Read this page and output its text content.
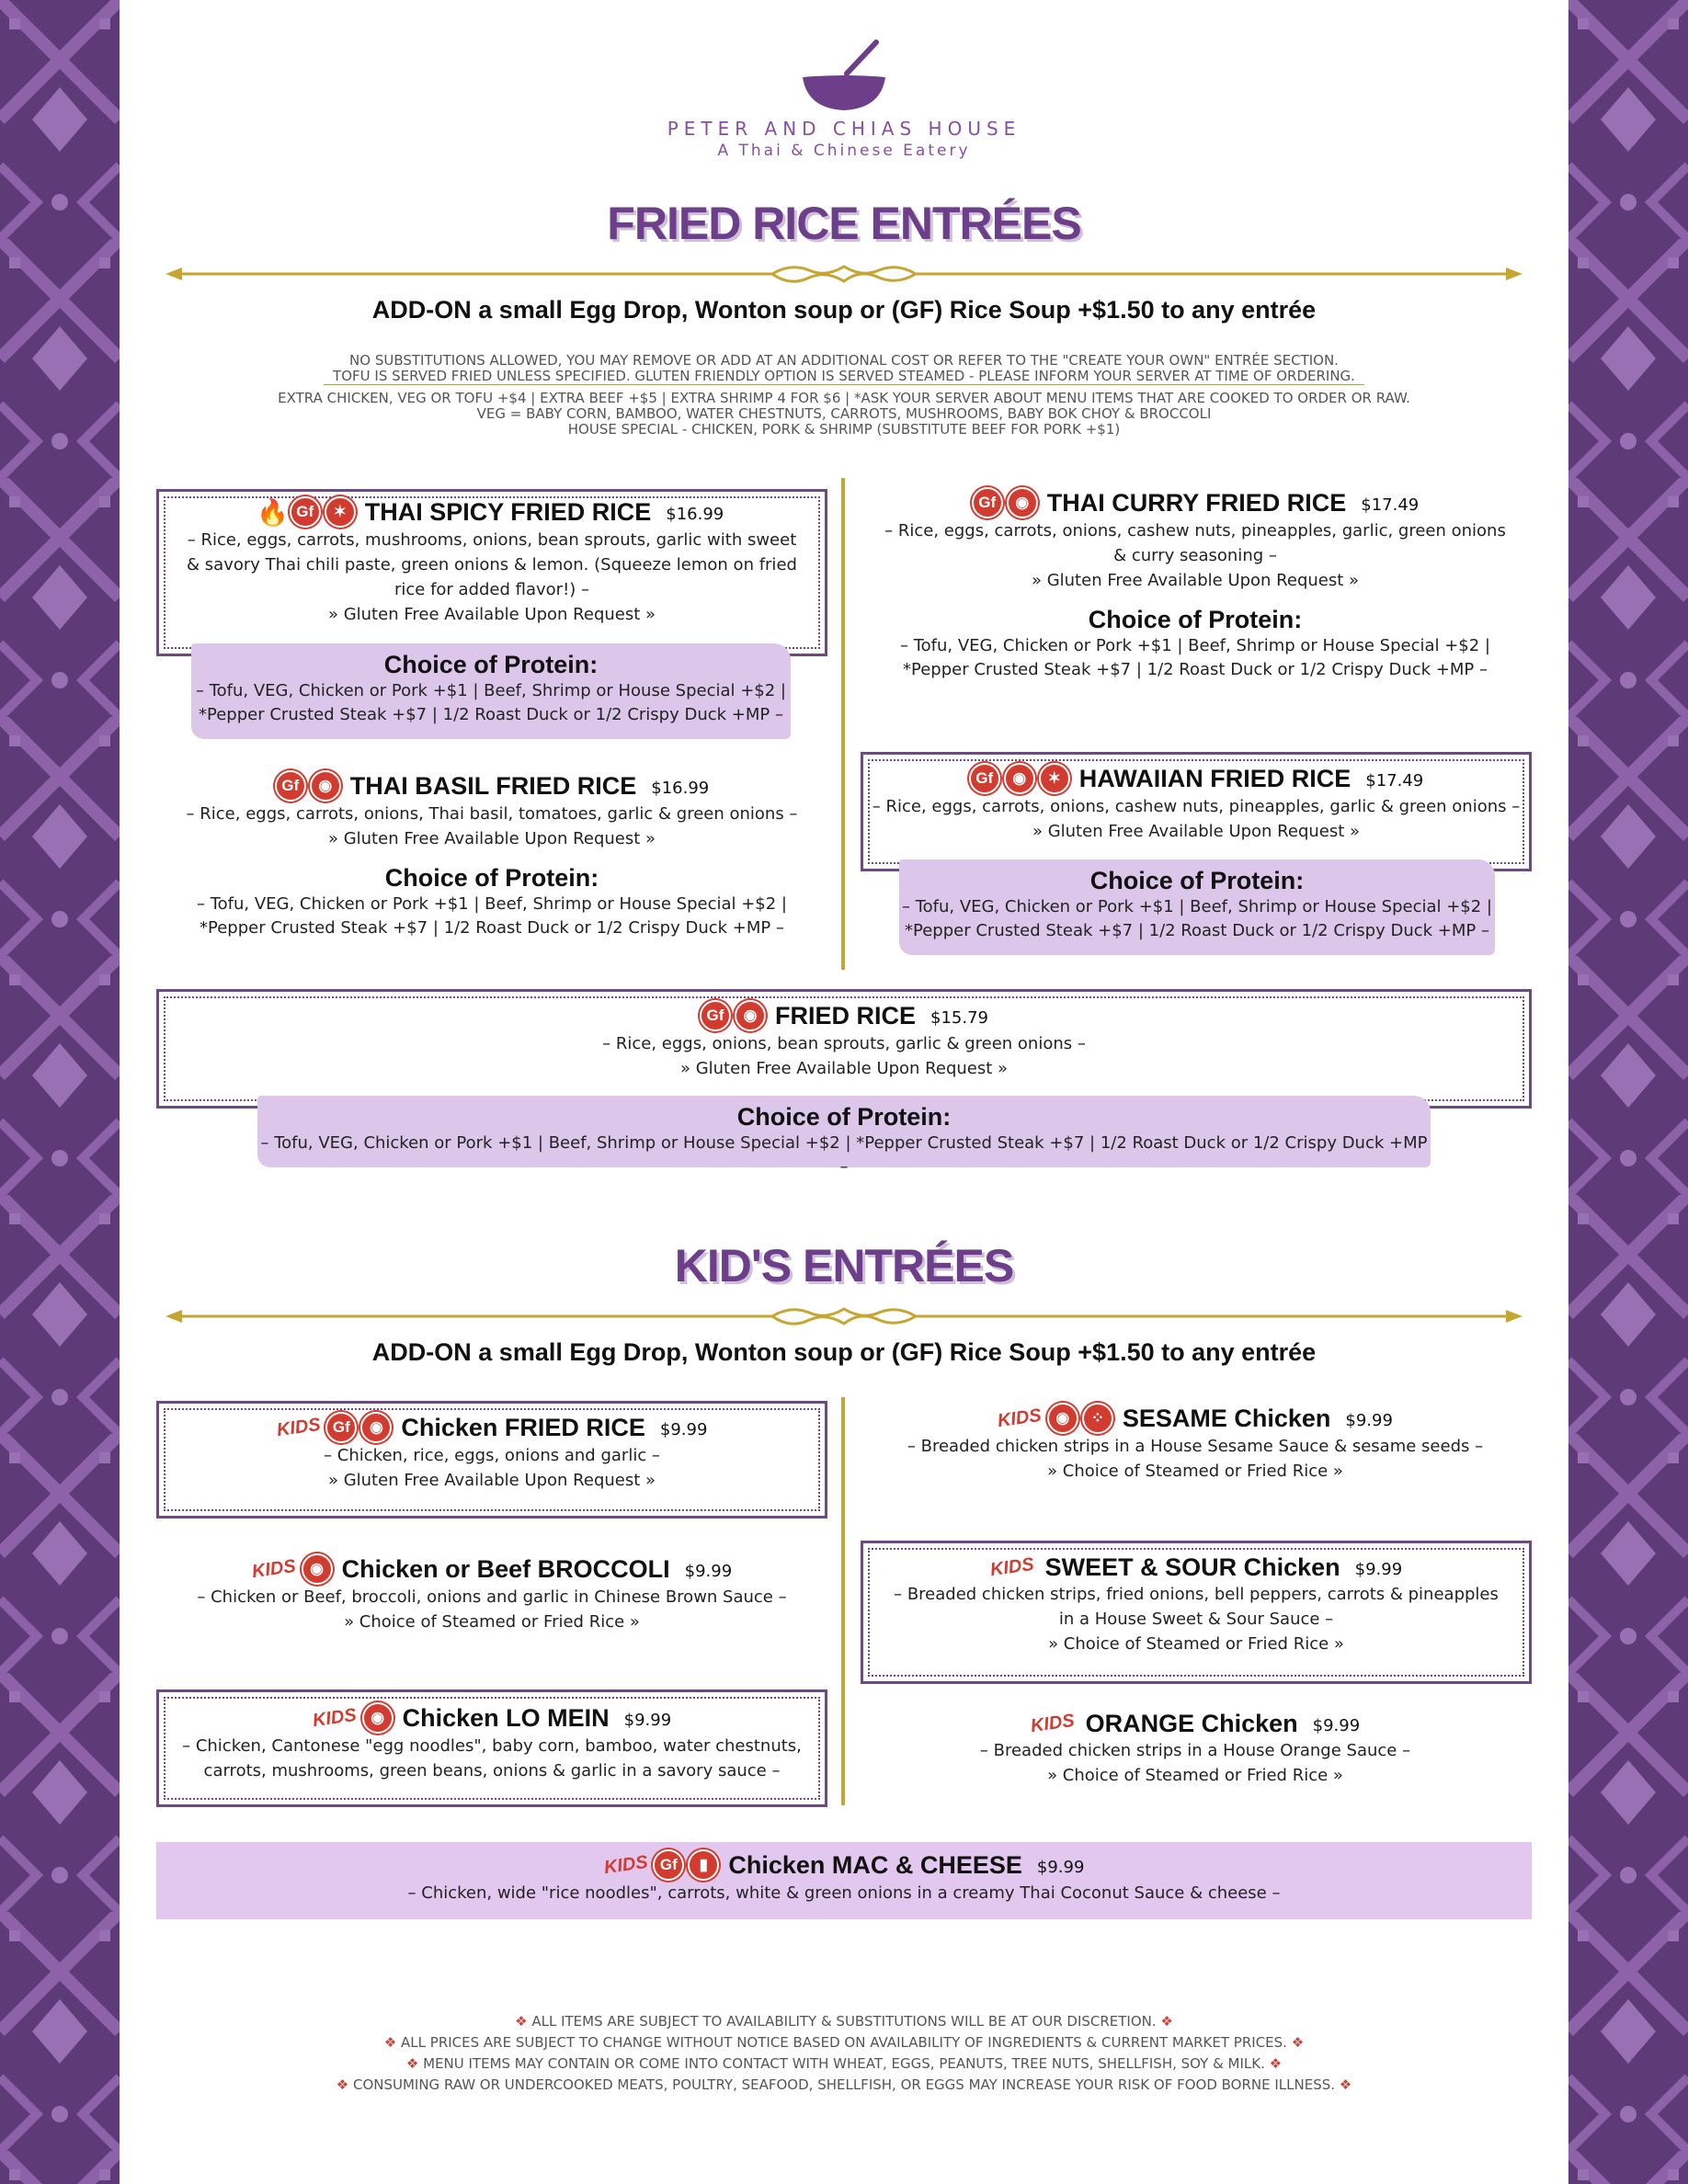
PETER AND CHIAS HOUSE
A Thai & Chinese Eatery
FRIED RICE ENTRÉES
ADD-ON a small Egg Drop, Wonton soup or (GF) Rice Soup +$1.50 to any entrée
NO SUBSTITUTIONS ALLOWED, YOU MAY REMOVE OR ADD AT AN ADDITIONAL COST OR REFER TO THE "CREATE YOUR OWN" ENTRÉE SECTION.
TOFU IS SERVED FRIED UNLESS SPECIFIED. GLUTEN FRIENDLY OPTION IS SERVED STEAMED - PLEASE INFORM YOUR SERVER AT TIME OF ORDERING.
EXTRA CHICKEN, VEG OR TOFU +$4 | EXTRA BEEF +$5 | EXTRA SHRIMP 4 FOR $6 | *ASK YOUR SERVER ABOUT MENU ITEMS THAT ARE COOKED TO ORDER OR RAW.
VEG = BABY CORN, BAMBOO, WATER CHESTNUTS, CARROTS, MUSHROOMS, BABY BOK CHOY & BROCCOLI
HOUSE SPECIAL - CHICKEN, PORK & SHRIMP (SUBSTITUTE BEEF FOR PORK +$1)
🔥 Gf	✶ THAI SPICY FRIED RICE $16.99
– Rice, eggs, carrots, mushrooms, onions, bean sprouts, garlic with sweet
& savory Thai chili paste, green onions & lemon. (Squeeze lemon on fried
rice for added flavor!) –
» Gluten Free Available Upon Request »
Choice of Protein:
– Tofu, VEG, Chicken or Pork +$1 | Beef, Shrimp or House Special +$2 |
*Pepper Crusted Steak +$7 | 1/2 Roast Duck or 1/2 Crispy Duck +MP –
Gf	◉ THAI CURRY FRIED RICE $17.49
– Rice, eggs, carrots, onions, cashew nuts, pineapples, garlic, green onions
& curry seasoning –
» Gluten Free Available Upon Request »
Choice of Protein:
– Tofu, VEG, Chicken or Pork +$1 | Beef, Shrimp or House Special +$2 |
*Pepper Crusted Steak +$7 | 1/2 Roast Duck or 1/2 Crispy Duck +MP –
Gf	◉ THAI BASIL FRIED RICE $16.99
– Rice, eggs, carrots, onions, Thai basil, tomatoes, garlic & green onions –
» Gluten Free Available Upon Request »
Choice of Protein:
– Tofu, VEG, Chicken or Pork +$1 | Beef, Shrimp or House Special +$2 |
*Pepper Crusted Steak +$7 | 1/2 Roast Duck or 1/2 Crispy Duck +MP –
Gf	◉	✶ HAWAIIAN FRIED RICE $17.49
– Rice, eggs, carrots, onions, cashew nuts, pineapples, garlic & green onions –
» Gluten Free Available Upon Request »
Choice of Protein:
– Tofu, VEG, Chicken or Pork +$1 | Beef, Shrimp or House Special +$2 |
*Pepper Crusted Steak +$7 | 1/2 Roast Duck or 1/2 Crispy Duck +MP –
Gf	◉ FRIED RICE $15.79
– Rice, eggs, onions, bean sprouts, garlic & green onions –
» Gluten Free Available Upon Request »
Choice of Protein:
– Tofu, VEG, Chicken or Pork +$1 | Beef, Shrimp or House Special +$2 | *Pepper Crusted Steak +$7 | 1/2 Roast Duck or 1/2 Crispy Duck +MP –
KID'S ENTRÉES
ADD-ON a small Egg Drop, Wonton soup or (GF) Rice Soup +$1.50 to any entrée
KIDS Gf	◉ Chicken FRIED RICE $9.99
– Chicken, rice, eggs, onions and garlic –
» Gluten Free Available Upon Request »
KIDS ◉	⁘ SESAME Chicken $9.99
– Breaded chicken strips in a House Sesame Sauce & sesame seeds –
» Choice of Steamed or Fried Rice »
KIDS ◉ Chicken or Beef BROCCOLI $9.99
– Chicken or Beef, broccoli, onions and garlic in Chinese Brown Sauce –
» Choice of Steamed or Fried Rice »
KIDS SWEET & SOUR Chicken $9.99
– Breaded chicken strips, fried onions, bell peppers, carrots & pineapples
in a House Sweet & Sour Sauce –
» Choice of Steamed or Fried Rice »
KIDS ◉ Chicken LO MEIN $9.99
– Chicken, Cantonese "egg noodles", baby corn, bamboo, water chestnuts,
carrots, mushrooms, green beans, onions & garlic in a savory sauce –
KIDS ORANGE Chicken $9.99
– Breaded chicken strips in a House Orange Sauce –
» Choice of Steamed or Fried Rice »
KIDS Gf	▮ Chicken MAC & CHEESE $9.99
– Chicken, wide "rice noodles", carrots, white & green onions in a creamy Thai Coconut Sauce & cheese –
❖ ALL ITEMS ARE SUBJECT TO AVAILABILITY & SUBSTITUTIONS WILL BE AT OUR DISCRETION. ❖
❖ ALL PRICES ARE SUBJECT TO CHANGE WITHOUT NOTICE BASED ON AVAILABILITY OF INGREDIENTS & CURRENT MARKET PRICES. ❖
❖ MENU ITEMS MAY CONTAIN OR COME INTO CONTACT WITH WHEAT, EGGS, PEANUTS, TREE NUTS, SHELLFISH, SOY & MILK. ❖
❖ CONSUMING RAW OR UNDERCOOKED MEATS, POULTRY, SEAFOOD, SHELLFISH, OR EGGS MAY INCREASE YOUR RISK OF FOOD BORNE ILLNESS. ❖
